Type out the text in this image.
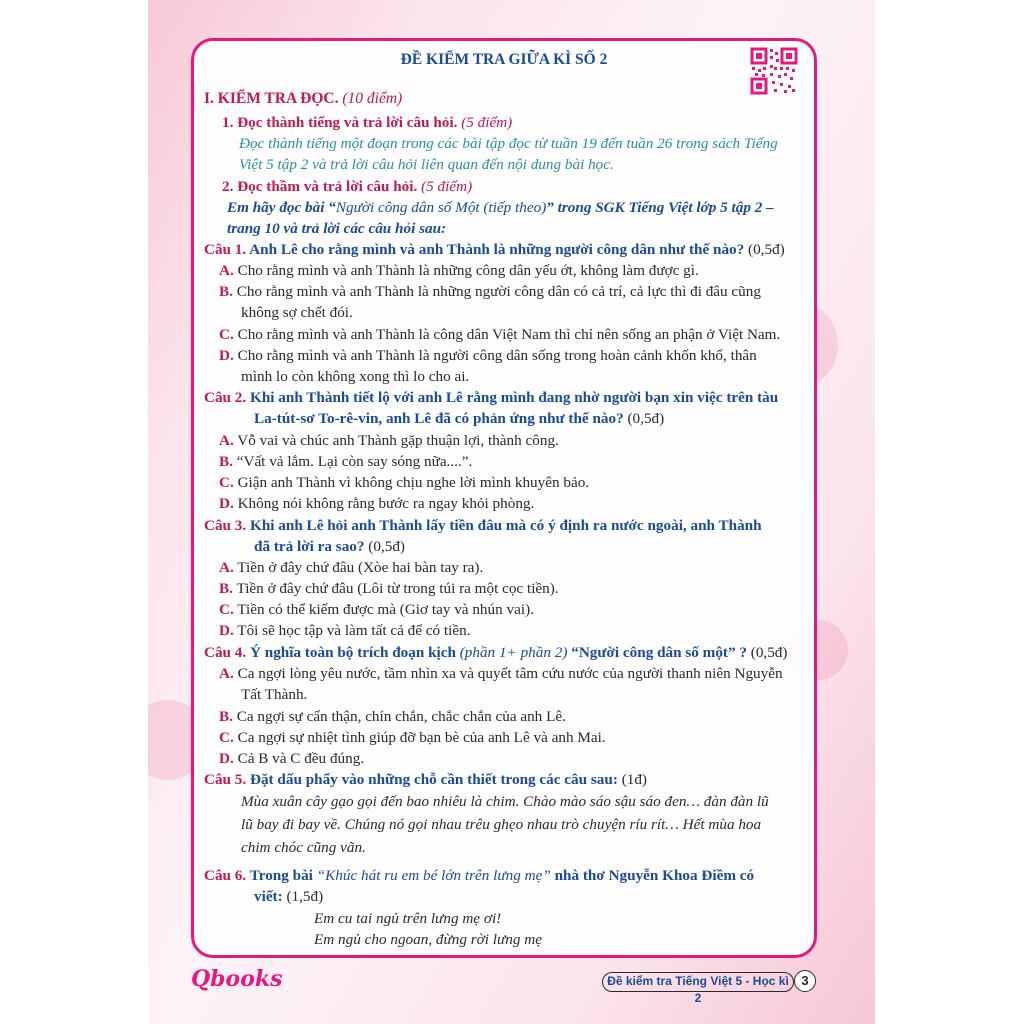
ĐỀ KIỂM TRA GIỮA KÌ SỐ 2
I. KIỂM TRA ĐỌC. (10 điểm)
1. Đọc thành tiếng và trả lời câu hỏi. (5 điểm)
Đọc thành tiếng một đoạn trong các bài tập đọc từ tuần 19 đến tuần 26 trong sách Tiếng
Việt 5 tập 2 và trả lời câu hỏi liên quan đến nội dung bài học.
2. Đọc thầm và trả lời câu hỏi. (5 điểm)
Em hãy đọc bài “Người công dân số Một (tiếp theo)” trong SGK Tiếng Việt lớp 5 tập 2 –
trang 10 và trả lời các câu hỏi sau:
Câu 1. Anh Lê cho rằng mình và anh Thành là những người công dân như thế nào? (0,5đ)
A. Cho rằng mình và anh Thành là những công dân yếu ớt, không làm được gì.
B. Cho rằng mình và anh Thành là những người công dân có cả trí, cả lực thì đi đâu cũng
không sợ chết đói.
C. Cho rằng mình và anh Thành là công dân Việt Nam thì chỉ nên sống an phận ở Việt Nam.
D. Cho rằng mình và anh Thành là người công dân sống trong hoàn cảnh khốn khổ, thân
mình lo còn không xong thì lo cho ai.
Câu 2. Khi anh Thành tiết lộ với anh Lê rằng mình đang nhờ người bạn xin việc trên tàu
La-tút-sơ To-rê-vin, anh Lê đã có phản ứng như thế nào? (0,5đ)
A. Vỗ vai và chúc anh Thành gặp thuận lợi, thành công.
B. “Vất vả lắm. Lại còn say sóng nữa....”.
C. Giận anh Thành vì không chịu nghe lời mình khuyên bảo.
D. Không nói không rằng bước ra ngay khỏi phòng.
Câu 3. Khi anh Lê hỏi anh Thành lấy tiền đâu mà có ý định ra nước ngoài, anh Thành
đã trả lời ra sao? (0,5đ)
A. Tiền ở đây chứ đâu (Xòe hai bàn tay ra).
B. Tiền ở đây chứ đâu (Lôi từ trong túi ra một cọc tiền).
C. Tiền có thể kiếm được mà (Giơ tay và nhún vai).
D. Tôi sẽ học tập và làm tất cả để có tiền.
Câu 4. Ý nghĩa toàn bộ trích đoạn kịch (phần 1+ phần 2) “Người công dân số một” ? (0,5đ)
A. Ca ngợi lòng yêu nước, tầm nhìn xa và quyết tâm cứu nước của người thanh niên Nguyễn
Tất Thành.
B. Ca ngợi sự cẩn thận, chín chắn, chắc chắn của anh Lê.
C. Ca ngợi sự nhiệt tình giúp đỡ bạn bè của anh Lê và anh Mai.
D. Cả B và C đều đúng.
Câu 5. Đặt dấu phẩy vào những chỗ cần thiết trong các câu sau: (1đ)
Mùa xuân cây gạo gọi đến bao nhiêu là chim. Chào mào sáo sậu sáo đen… đàn đàn lũ
lũ bay đi bay về. Chúng nó gọi nhau trêu ghẹo nhau trò chuyện ríu rít… Hết mùa hoa
chim chóc cũng vãn.
Câu 6. Trong bài “Khúc hát ru em bé lớn trên lưng mẹ” nhà thơ Nguyễn Khoa Điềm có
viết: (1,5đ)
Em cu tai ngủ trên lưng mẹ ơi!
Em ngủ cho ngoan, đừng rời lưng mẹ
Qbooks	Đề kiểm tra Tiếng Việt 5 - Học kì 2
3
